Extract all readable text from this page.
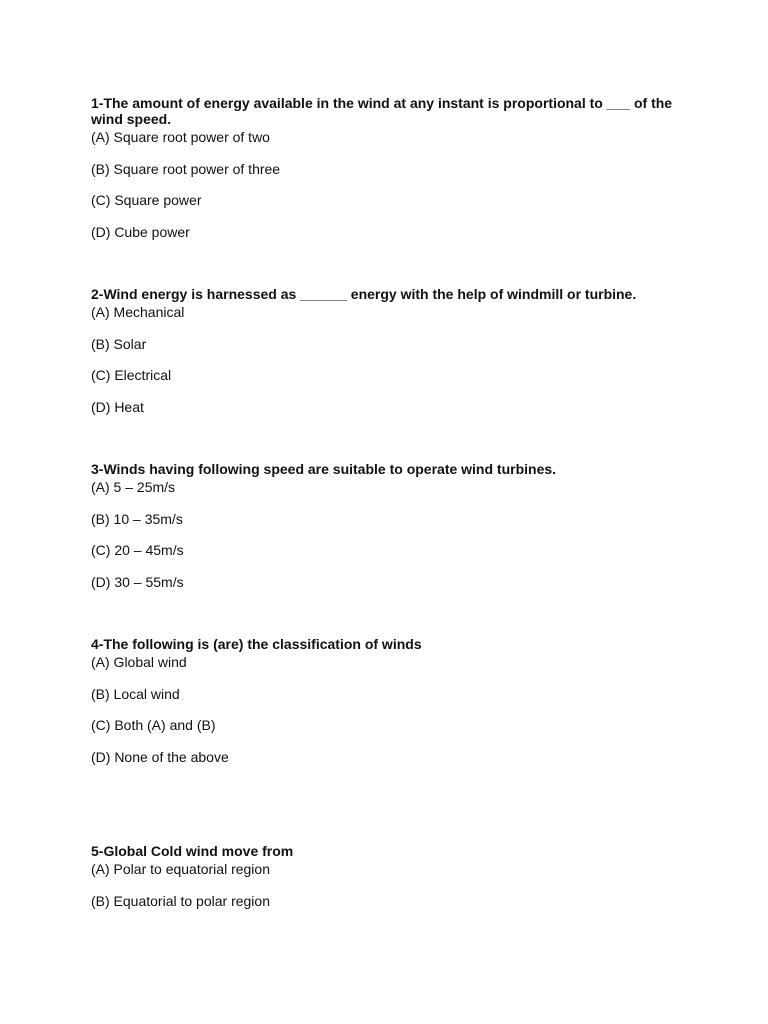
1-The amount of energy available in the wind at any instant is proportional to ___ of the wind speed.
(A) Square root power of two
(B) Square root power of three
(C) Square power
(D) Cube power
2-Wind energy is harnessed as ______ energy with the help of windmill or turbine.
(A) Mechanical
(B) Solar
(C) Electrical
(D) Heat
3-Winds having following speed are suitable to operate wind turbines.
(A) 5 – 25m/s
(B) 10 – 35m/s
(C) 20 – 45m/s
(D) 30 – 55m/s
4-The following is (are) the classification of winds
(A) Global wind
(B) Local wind
(C) Both (A) and (B)
(D) None of the above
5-Global Cold wind move from
(A) Polar to equatorial region
(B) Equatorial to polar region
